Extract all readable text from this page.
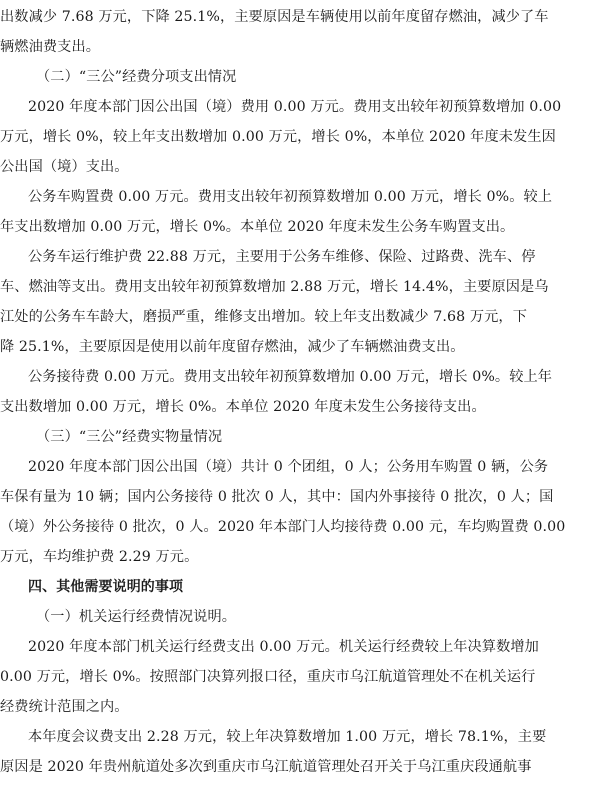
出数减少 7.68 万元，下降 25.1%，主要原因是车辆使用以前年度留存燃油，减少了车
辆燃油费支出。
（二）“三公”经费分项支出情况
2020 年度本部门因公出国（境）费用 0.00 万元。费用支出较年初预算数增加 0.00
万元，增长 0%，较上年支出数增加 0.00 万元，增长 0%，本单位 2020 年度未发生因
公出国（境）支出。
公务车购置费 0.00 万元。费用支出较年初预算数增加 0.00 万元，增长 0%。较上
年支出数增加 0.00 万元，增长 0%。本单位 2020 年度未发生公务车购置支出。
公务车运行维护费 22.88 万元，主要用于公务车维修、保险、过路费、洗车、停
车、燃油等支出。费用支出较年初预算数增加 2.88 万元，增长 14.4%，主要原因是乌
江处的公务车车龄大，磨损严重，维修支出增加。较上年支出数减少 7.68 万元，下
降 25.1%，主要原因是使用以前年度留存燃油，减少了车辆燃油费支出。
公务接待费 0.00 万元。费用支出较年初预算数增加 0.00 万元，增长 0%。较上年
支出数增加 0.00 万元，增长 0%。本单位 2020 年度未发生公务接待支出。
（三）“三公”经费实物量情况
2020 年度本部门因公出国（境）共计 0 个团组，0 人；公务用车购置 0 辆，公务
车保有量为 10 辆；国内公务接待 0 批次 0 人，其中：国内外事接待 0 批次，0 人；国
（境）外公务接待 0 批次，0 人。2020 年本部门人均接待费 0.00 元，车均购置费 0.00
万元，车均维护费 2.29 万元。
四、其他需要说明的事项
（一）机关运行经费情况说明。
2020 年度本部门机关运行经费支出 0.00 万元。机关运行经费较上年决算数增加
0.00 万元，增长 0%。按照部门决算列报口径，重庆市乌江航道管理处不在机关运行
经费统计范围之内。
本年度会议费支出 2.28 万元，较上年决算数增加 1.00 万元，增长 78.1%，主要
原因是 2020 年贵州航道处多次到重庆市乌江航道管理处召开关于乌江重庆段通航事
